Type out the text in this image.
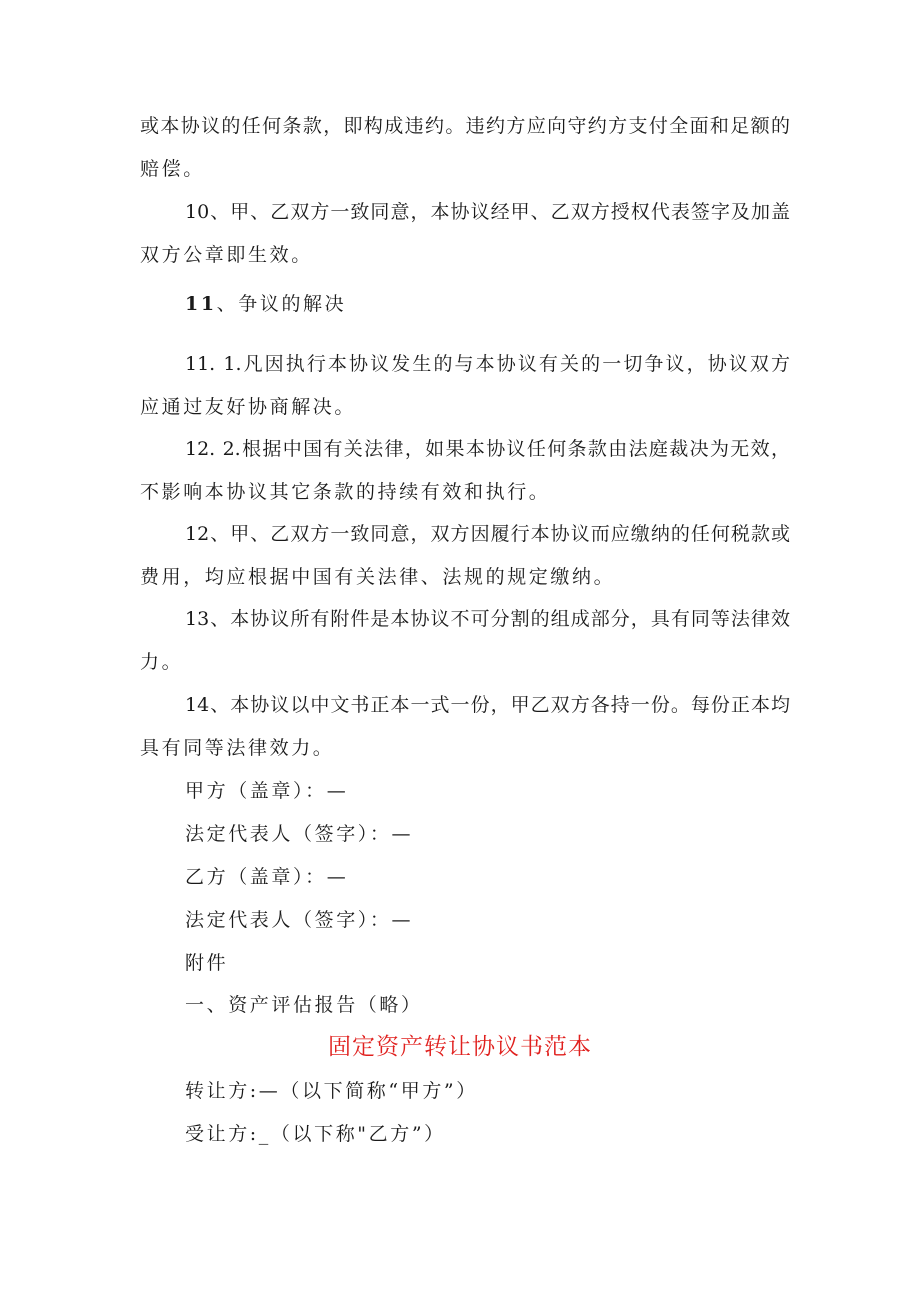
或本协议的任何条款，即构成违约。违约方应向守约方支付全面和足额的
赔偿。
10、甲、乙双方一致同意，本协议经甲、乙双方授权代表签字及加盖
双方公章即生效。
11、争议的解决
11. 1.凡因执行本协议发生的与本协议有关的一切争议，协议双方
应通过友好协商解决。
12. 2.根据中国有关法律，如果本协议任何条款由法庭裁决为无效，
不影响本协议其它条款的持续有效和执行。
12、甲、乙双方一致同意，双方因履行本协议而应缴纳的任何税款或
费用，均应根据中国有关法律、法规的规定缴纳。
13、本协议所有附件是本协议不可分割的组成部分，具有同等法律效
力。
14、本协议以中文书正本一式一份，甲乙双方各持一份。每份正本均
具有同等法律效力。
甲方（盖章）：—
法定代表人（签字）：—
乙方（盖章）：—
法定代表人（签字）：—
附件
一、资产评估报告（略）
固定资产转让协议书范本
转让方:—（以下简称“甲方”）
受让方:_（以下称"乙方”）
